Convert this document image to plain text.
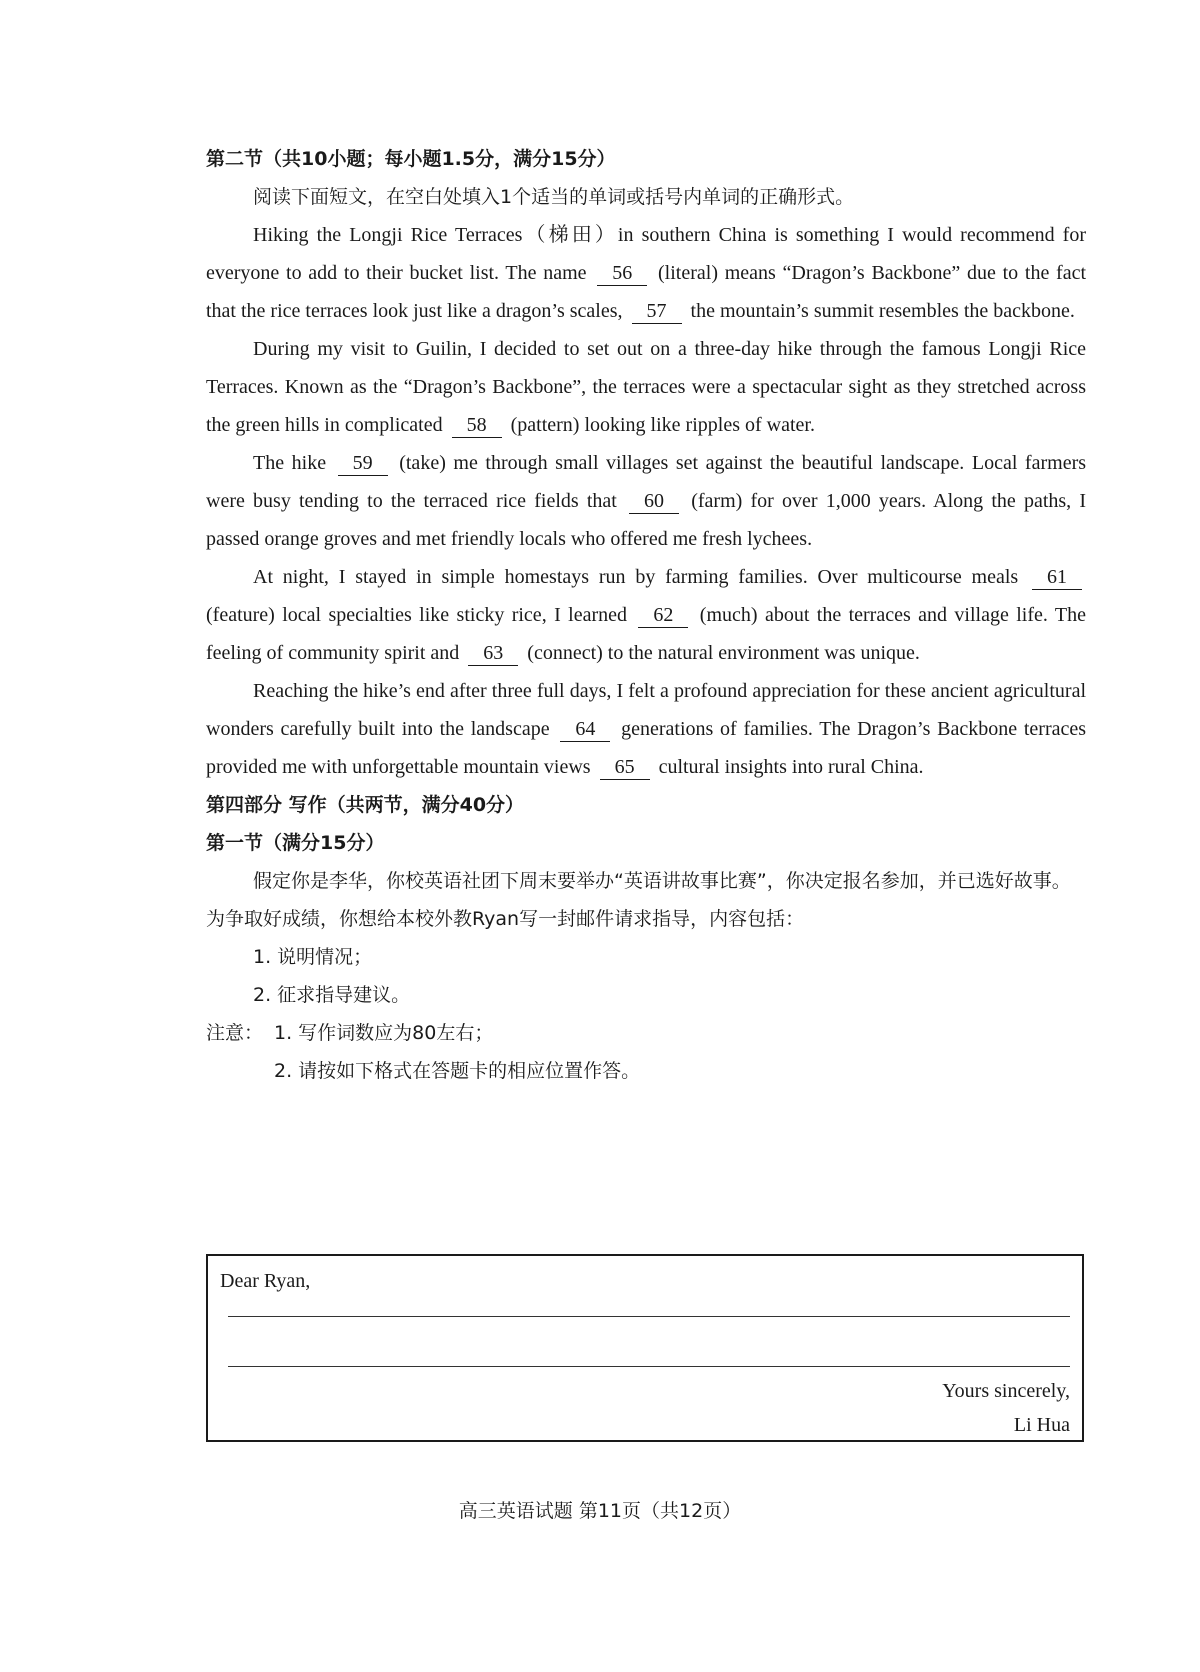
第二节（共10小题；每小题1.5分，满分15分）

阅读下面短文，在空白处填入1个适当的单词或括号内单词的正确形式。

Hiking the Longji Rice Terraces（梯田）in southern China is something I would recommend for everyone to add to their bucket list. The name 56 (literal) means “Dragon’s Backbone” due to the fact that the rice terraces look just like a dragon’s scales, 57 the mountain’s summit resembles the backbone.

During my visit to Guilin, I decided to set out on a three-day hike through the famous Longji Rice Terraces. Known as the “Dragon’s Backbone”, the terraces were a spectacular sight as they stretched across the green hills in complicated 58 (pattern) looking like ripples of water.

The hike 59 (take) me through small villages set against the beautiful landscape. Local farmers were busy tending to the terraced rice fields that 60 (farm) for over 1,000 years. Along the paths, I passed orange groves and met friendly locals who offered me fresh lychees.

At night, I stayed in simple homestays run by farming families. Over multicourse meals 61 (feature) local specialties like sticky rice, I learned 62 (much) about the terraces and village life. The feeling of community spirit and 63 (connect) to the natural environment was unique.

Reaching the hike’s end after three full days, I felt a profound appreciation for these ancient agricultural wonders carefully built into the landscape 64 generations of families. The Dragon’s Backbone terraces provided me with unforgettable mountain views 65 cultural insights into rural China.

第四部分 写作（共两节，满分40分）

第一节（满分15分）

假定你是李华，你校英语社团下周末要举办“英语讲故事比赛”，你决定报名参加，并已选好故事。为争取好成绩，你想给本校外教Ryan写一封邮件请求指导，内容包括：

1. 说明情况；

2. 征求指导建议。

注意： 1. 写作词数应为80左右；

2. 请按如下格式在答题卡的相应位置作答。

Dear Ryan,
Yours sincerely,
Li Hua
高三英语试题 第11页（共12页）
